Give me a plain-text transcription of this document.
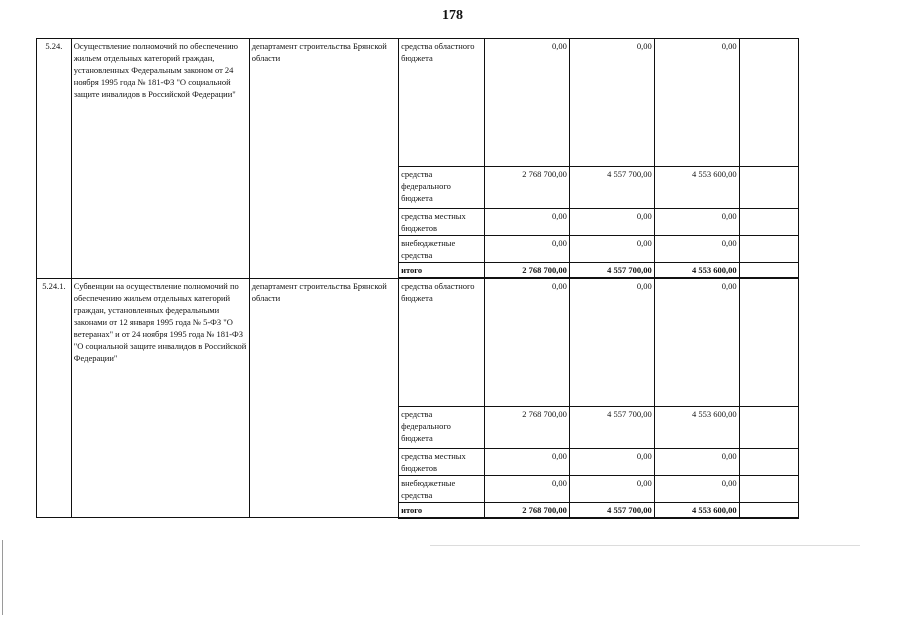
178
5.24.	Осуществление полномочий по обеспечению жильем отдельных категорий граждан, установленных Федеральным законом от 24 ноября 1995 года № 181-ФЗ "О социальной защите инвалидов в Российской Федерации"	департамент строительства Брянской области	средства областного бюджета	0,00	0,00	0,00	
			средства федерального бюджета	2 768 700,00	4 557 700,00	4 553 600,00	
			средства местных бюджетов	0,00	0,00	0,00	
			внебюджетные средства	0,00	0,00	0,00	
			итого	2 768 700,00	4 557 700,00	4 553 600,00	
5.24.1.	Субвенции на осуществление полномочий по обеспечению жильем отдельных категорий граждан, установленных федеральными законами от 12 января 1995 года № 5-ФЗ "О ветеранах" и от 24 ноября 1995 года № 181-ФЗ "О социальной защите инвалидов в Российской Федерации"	департамент строительства Брянской области	средства областного бюджета	0,00	0,00	0,00	
			средства федерального бюджета	2 768 700,00	4 557 700,00	4 553 600,00	
			средства местных бюджетов	0,00	0,00	0,00	
			внебюджетные средства	0,00	0,00	0,00	
			итого	2 768 700,00	4 557 700,00	4 553 600,00	
